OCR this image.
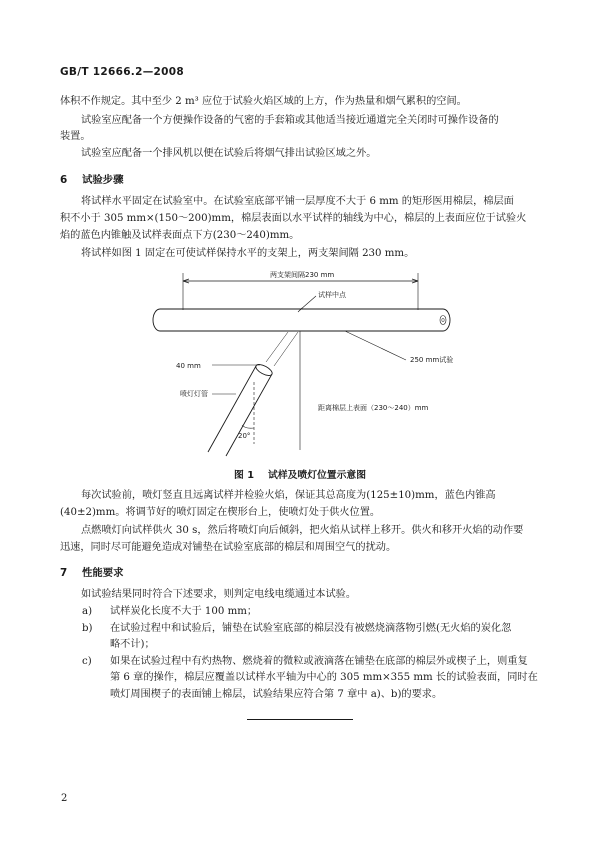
GB/T 12666.2—2008

体积不作规定。其中至少 2 m³ 应位于试验火焰区域的上方，作为热量和烟气累积的空间。

试验室应配备一个方便操作设备的气密的手套箱或其他适当接近通道完全关闭时可操作设备的

装置。

试验室应配备一个排风机以便在试验后将烟气排出试验区域之外。

6 试验步骤

将试样水平固定在试验室中。在试验室底部平铺一层厚度不大于 6 mm 的矩形医用棉层，棉层面

积不小于 305 mm×(150～200)mm，棉层表面以水平试样的轴线为中心，棉层的上表面应位于试验火

焰的蓝色内锥触及试样表面点下方(230～240)mm。

将试样如图 1 固定在可使试样保持水平的支架上，两支架间隔 230 mm。

两支架间隔230 mm
试样中点
250 mm试验
距离棉层上表面（230～240）mm
40 mm
喷灯灯管
20°
图 1 试样及喷灯位置示意图

每次试验前，喷灯竖直且远离试样并检验火焰，保证其总高度为(125±10)mm，蓝色内锥高

(40±2)mm。将调节好的喷灯固定在楔形台上，使喷灯处于供火位置。

点燃喷灯向试样供火 30 s，然后将喷灯向后倾斜，把火焰从试样上移开。供火和移开火焰的动作要

迅速，同时尽可能避免造成对铺垫在试验室底部的棉层和周围空气的扰动。

7 性能要求

如试验结果同时符合下述要求，则判定电线电缆通过本试验。

a) 试样炭化长度不大于 100 mm；

b) 在试验过程中和试验后，铺垫在试验室底部的棉层没有被燃烧滴落物引燃(无火焰的炭化忽

略不计)；

c) 如果在试验过程中有灼热物、燃烧着的微粒或液滴落在铺垫在底部的棉层外或楔子上，则重复

第 6 章的操作，棉层应覆盖以试样水平轴为中心的 305 mm×355 mm 长的试验表面，同时在

喷灯周围楔子的表面铺上棉层，试验结果应符合第 7 章中 a)、b)的要求。

2
